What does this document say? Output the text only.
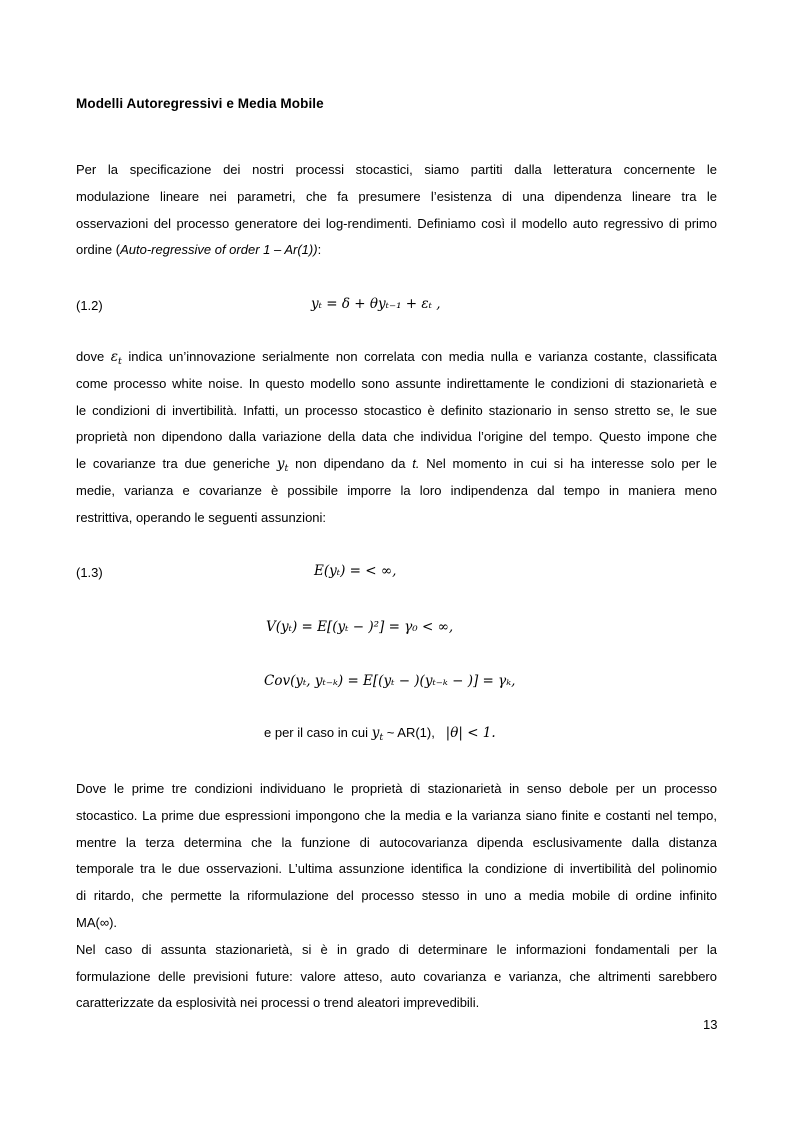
Modelli Autoregressivi e Media Mobile
Per la specificazione dei nostri processi stocastici, siamo partiti dalla letteratura concernente le
modulazione lineare nei parametri, che fa presumere l’esistenza di una dipendenza lineare tra le
osservazioni del processo generatore dei log-rendimenti. Definiamo così il modello auto regressivo di primo
ordine (Auto-regressive of order 1 – Ar(1)):
(1.2)	yₜ = δ + θyₜ₋₁ + εₜ ,
dove $\varepsilon_t$ indica un’innovazione serialmente non correlata con media nulla e varianza costante, classificata
come processo white noise. In questo modello sono assunte indirettamente le condizioni di stazionarietà e
le condizioni di invertibilità. Infatti, un processo stocastico è definito stazionario in senso stretto se, le sue
proprietà non dipendono dalla variazione della data che individua l’origine del tempo. Questo impone che
le covarianze tra due generiche $y_t$ non dipendano da t. Nel momento in cui si ha interesse solo per le
medie, varianza e covarianze è possibile imporre la loro indipendenza dal tempo in maniera meno
restrittiva, operando le seguenti assunzioni:
(1.3)	E(yₜ) = < ∞,
V(yₜ) = E[(yₜ − )²] = γ₀ < ∞,
Cov(yₜ, yₜ₋ₖ) = E[(yₜ − )(yₜ₋ₖ − )] = γₖ,
e per il caso in cui $y_t$ ~ AR(1), |θ| < 1.
Dove le prime tre condizioni individuano le proprietà di stazionarietà in senso debole per un processo
stocastico. La prime due espressioni impongono che la media e la varianza siano finite e costanti nel tempo,
mentre la terza determina che la funzione di autocovarianza dipenda esclusivamente dalla distanza
temporale tra le due osservazioni. L’ultima assunzione identifica la condizione di invertibilità del polinomio
di ritardo, che permette la riformulazione del processo stesso in uno a media mobile di ordine infinito
MA(∞).
Nel caso di assunta stazionarietà, si è in grado di determinare le informazioni fondamentali per la
formulazione delle previsioni future: valore atteso, auto covarianza e varianza, che altrimenti sarebbero
caratterizzate da esplosività nei processi o trend aleatori imprevedibili.
13
